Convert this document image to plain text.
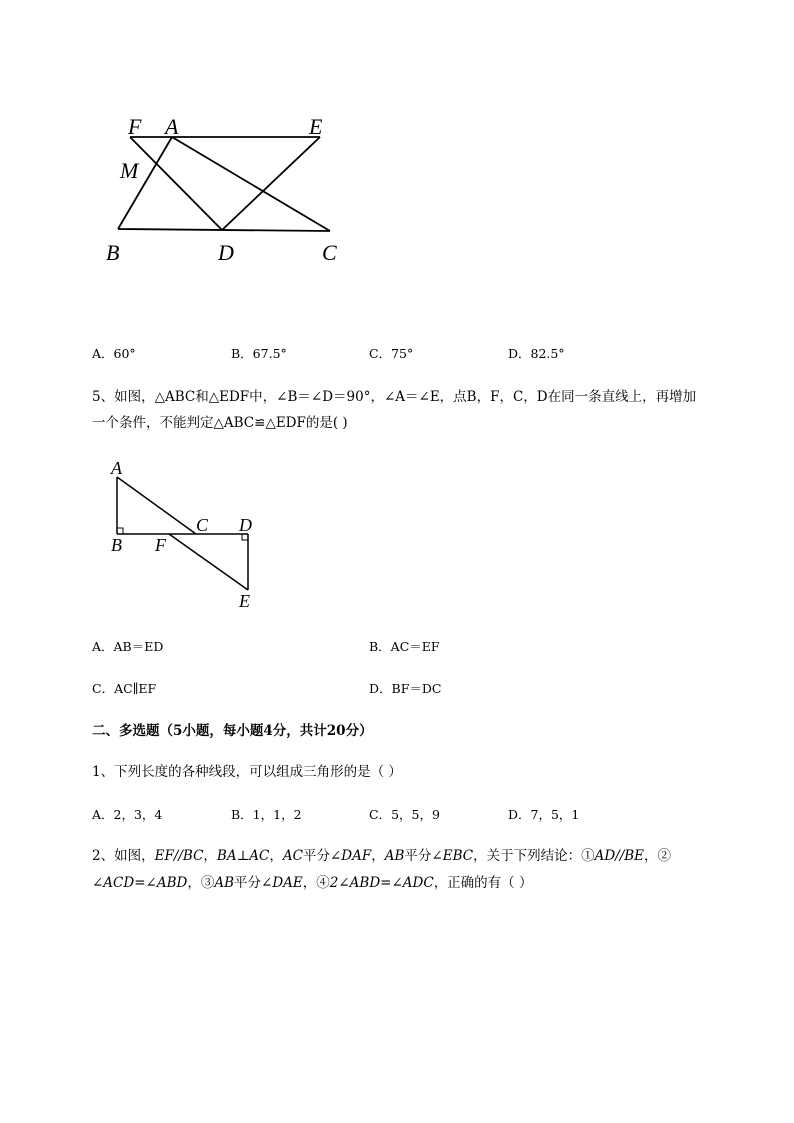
F A	E
M
B	D	C
A．60°	B．67.5°	C．75°	D．82.5°
5、如图，△ABC和△EDF中，∠B＝∠D＝90°，∠A＝∠E，点B，F，C，D在同一条直线上，再增加
一个条件，不能判定△ABC≌△EDF的是( )
A
C D
B F
E
A．AB＝ED	B．AC＝EF
C．AC∥EF	D．BF＝DC
二、多选题（5小题，每小题4分，共计20分）
1、下列长度的各种线段，可以组成三角形的是（ ）
A．2，3，4	B．1，1，2	C．5，5，9	D．7，5，1
2、如图，EF//BC，BA⊥AC，AC平分∠DAF，AB平分∠EBC，关于下列结论：①AD//BE，②
∠ACD=∠ABD，③AB平分∠DAE，④2∠ABD=∠ADC，正确的有（ ）
